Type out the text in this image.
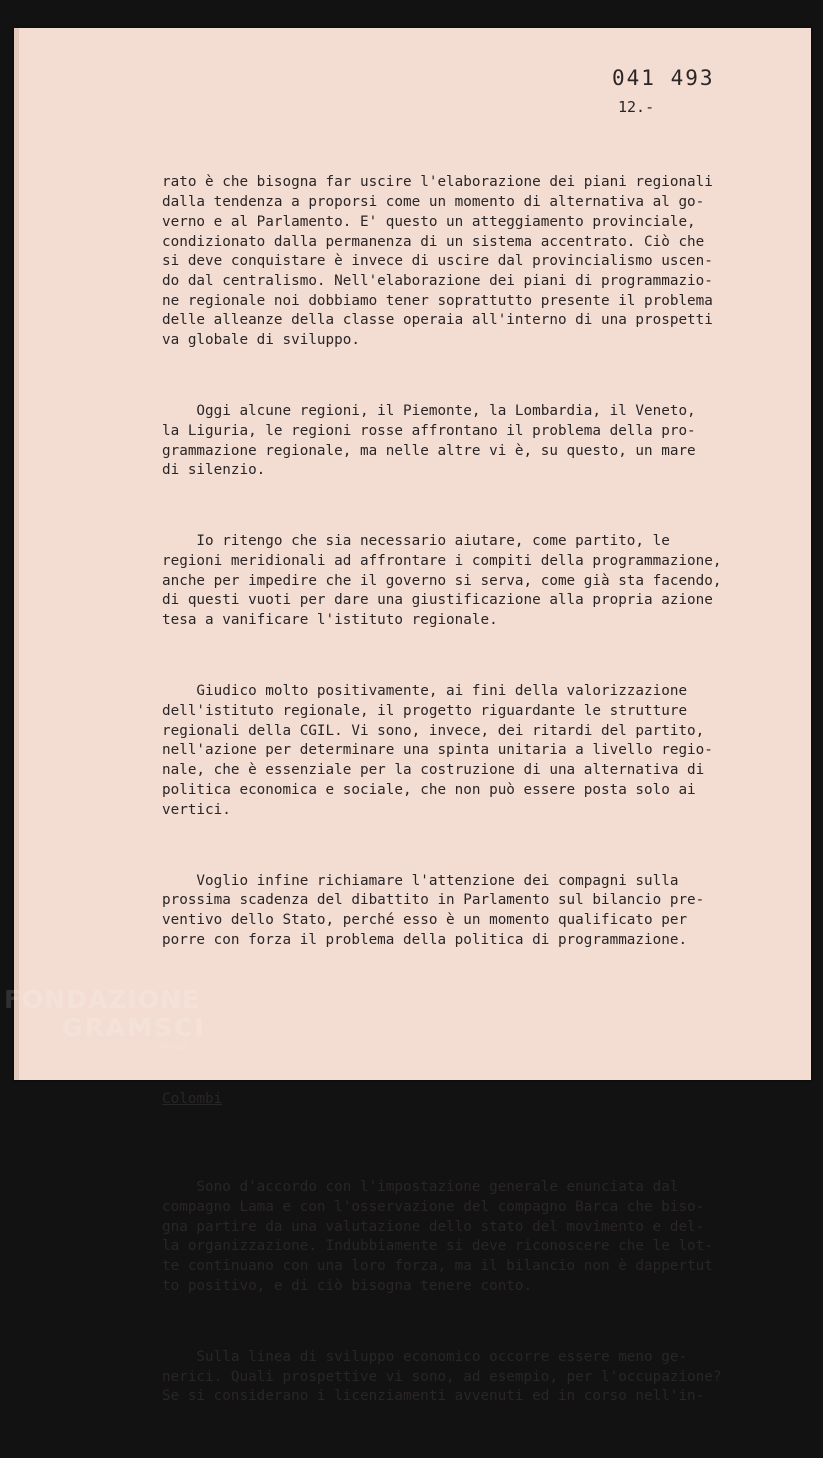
041 493
12.-

rato è che bisogna far uscire l'elaborazione dei piani regionali
dalla tendenza a proporsi come un momento di alternativa al go-
verno e al Parlamento. E' questo un atteggiamento provinciale,
condizionato dalla permanenza di un sistema accentrato. Ciò che
si deve conquistare è invece di uscire dal provincialismo uscen-
do dal centralismo. Nell'elaborazione dei piani di programmazio-
ne regionale noi dobbiamo tener soprattutto presente il problema
delle alleanze della classe operaia all'interno di una prospetti
va globale di sviluppo.

Oggi alcune regioni, il Piemonte, la Lombardia, il Veneto,
la Liguria, le regioni rosse affrontano il problema della pro-
grammazione regionale, ma nelle altre vi è, su questo, un mare
di silenzio.

Io ritengo che sia necessario aiutare, come partito, le
regioni meridionali ad affrontare i compiti della programmazione,
anche per impedire che il governo si serva, come già sta facendo,
di questi vuoti per dare una giustificazione alla propria azione
tesa a vanificare l'istituto regionale.

Giudico molto positivamente, ai fini della valorizzazione
dell'istituto regionale, il progetto riguardante le strutture
regionali della CGIL. Vi sono, invece, dei ritardi del partito,
nell'azione per determinare una spinta unitaria a livello regio-
nale, che è essenziale per la costruzione di una alternativa di
politica economica e sociale, che non può essere posta solo ai
vertici.

Voglio infine richiamare l'attenzione dei compagni sulla
prossima scadenza del dibattito in Parlamento sul bilancio pre-
ventivo dello Stato, perché esso è un momento qualificato per
porre con forza il problema della politica di programmazione.

Colombi

Sono d'accordo con l'impostazione generale enunciata dal
compagno Lama e con l'osservazione del compagno Barca che biso-
gna partire da una valutazione dello stato del movimento e del-
la organizzazione. Indubbiamente si deve riconoscere che le lot-
te continuano con una loro forza, ma il bilancio non è dappertut
to positivo, e di ciò bisogna tenere conto.

Sulla linea di sviluppo economico occorre essere meno ge-
nerici. Quali prospettive vi sono, ad esempio, per l'occupazione?
Se si considerano i licenziamenti avvenuti ed in corso nell'in-

FONDAZIONE
GRAMSCI
onlus
